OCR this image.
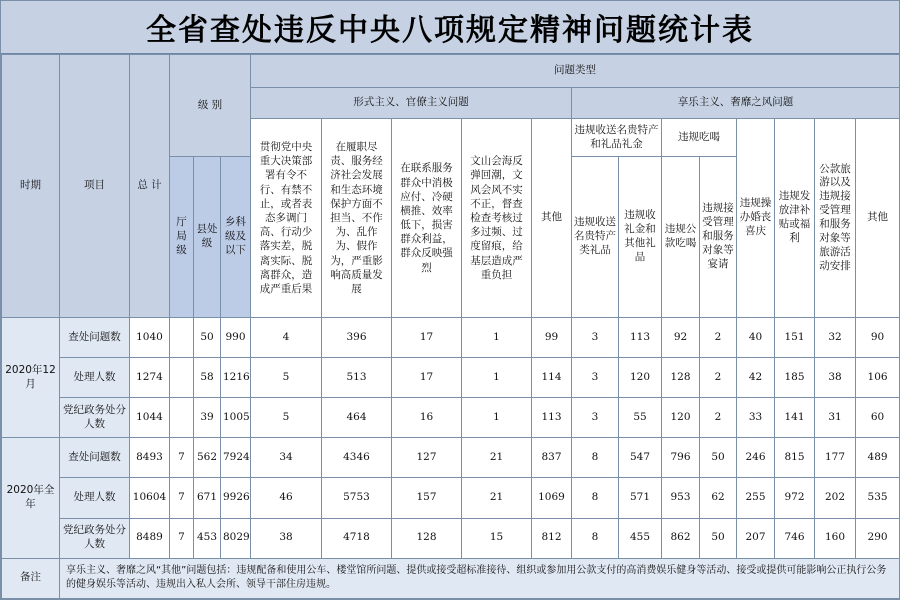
全省查处违反中央八项规定精神问题统计表
时期	项目	总 计	级 别			问题类型												
						形式主义、官僚主义问题					享乐主义、奢靡之风问题							
						贯彻党中央重大决策部署有令不行、有禁不止，或者表态多调门高、行动少落实差，脱离实际、脱离群众，造成严重后果	在履职尽责、服务经济社会发展和生态环境保护方面不担当、不作为、乱作为、假作为，严重影响高质量发展	在联系服务群众中消极应付、冷硬横推、效率低下，损害群众利益，群众反映强烈	文山会海反弹回潮，文风会风不实不正，督查检查考核过多过频、过度留痕，给基层造成严重负担	其他	违规收送名贵特产和礼品礼金		违规吃喝		违规操办婚丧喜庆	违规发放津补贴或福利	公款旅游以及违规接受管理和服务对象等旅游活动安排	其他
			厅局级	县处级	乡科级及以下						违规收送名贵特产类礼品	违规收礼金和其他礼品	违规公款吃喝	违规接受管理和服务对象等宴请				
2020年12月	查处问题数	1040		50	990	4	396	17	1	99	3	113	92	2	40	151	32	90
	处理人数	1274		58	1216	5	513	17	1	114	3	120	128	2	42	185	38	106
	党纪政务处分人数	1044		39	1005	5	464	16	1	113	3	55	120	2	33	141	31	60
2020年全年	查处问题数	8493	7	562	7924	34	4346	127	21	837	8	547	796	50	246	815	177	489
	处理人数	10604	7	671	9926	46	5753	157	21	1069	8	571	953	62	255	972	202	535
	党纪政务处分人数	8489	7	453	8029	38	4718	128	15	812	8	455	862	50	207	746	160	290
备注	享乐主义、奢靡之风“其他”问题包括：违规配备和使用公车、楼堂馆所问题、提供或接受超标准接待、组织或参加用公款支付的高消费娱乐健身等活动、接受或提供可能影响公正执行公务的健身娱乐等活动、违规出入私人会所、领导干部住房违规。																	
